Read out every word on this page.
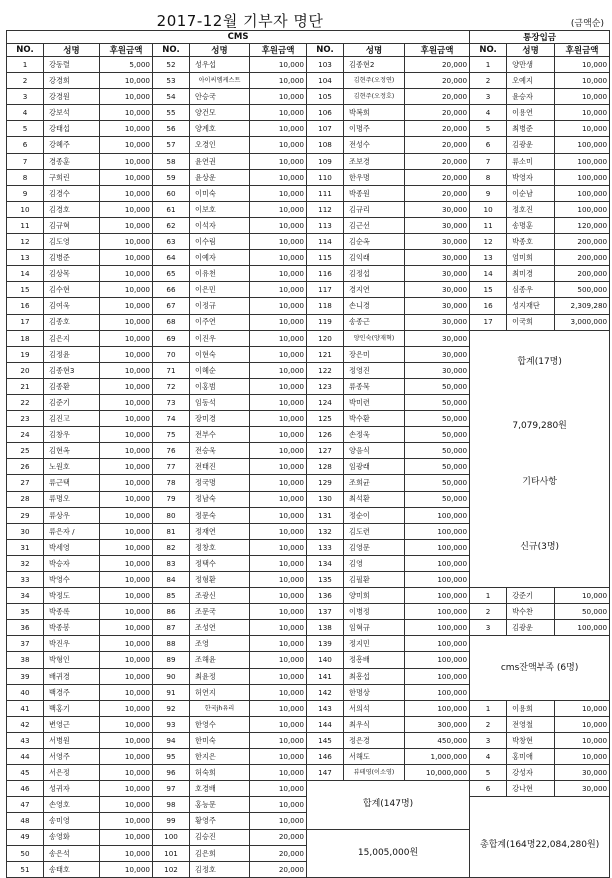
2017-12월 기부자 명단	(금액순)
CMS									통장입금		
NO.	성명	후원금액	NO.	성명	후원금액	NO.	성명	후원금액	NO.	성명	후원금액
1	강동렬	5,000	52	성우섭	10,000	103	김종현2	20,000	1	양만생	10,000
2	강경희	10,000	53	아이씨엠케스트	10,000	104	김현주(오정연)	20,000	2	오예지	10,000
3	강경원	10,000	54	안승국	10,000	105	김현주(오정호)	20,000	3	윤승자	10,000
4	강보석	10,000	55	양건모	10,000	106	박복희	20,000	4	이용연	10,000
5	강태섭	10,000	56	양계호	10,000	107	이명주	20,000	5	최병준	10,000
6	강혜주	10,000	57	오경인	10,000	108	전성수	20,000	6	김광운	100,000
7	경종훈	10,000	58	윤연권	10,000	109	조보경	20,000	7	류소미	100,000
8	구희린	10,000	59	윤상운	10,000	110	한우명	20,000	8	박영자	100,000
9	김경수	10,000	60	이미숙	10,000	111	박종원	20,000	9	이순남	100,000
10	김경호	10,000	61	이보호	10,000	112	김규리	30,000	10	정호진	100,000
11	김규혁	10,000	62	이석자	10,000	113	김근선	30,000	11	송명훈	120,000
12	김도영	10,000	63	이수림	10,000	114	김순옥	30,000	12	박종호	200,000
13	김병준	10,000	64	이예자	10,000	115	김익래	30,000	13	엄미희	200,000
14	김상목	10,000	65	이유천	10,000	116	김정섭	30,000	14	최미경	200,000
15	김수현	10,000	66	이은민	10,000	117	경지연	30,000	15	심종우	500,000
16	김여욱	10,000	67	이정규	10,000	118	손니경	30,000	16	성지재단	2,309,280
17	김종호	10,000	68	이주연	10,000	119	송종근	30,000	17	이국희	3,000,000
18	김은지	10,000	69	이진우	10,000	120	양인숙(양재혁)	30,000	합계(17명)		
19	김정윤	10,000	70	이현숙	10,000	121	장은미	30,000			
20	김종현3	10,000	71	이혜순	10,000	122	정영진	30,000			
21	김종환	10,000	72	이홍범	10,000	123	류종묵	50,000			
22	김준기	10,000	73	임동석	10,000	124	박미련	50,000	7,079,280원		
23	김진고	10,000	74	장미경	10,000	125	박수환	50,000			
24	김창우	10,000	75	전부수	10,000	126	손정욱	50,000			
25	김현옥	10,000	76	전승욱	10,000	127	양음식	50,000			
26	노원호	10,000	77	전태진	10,000	128	임광래	50,000	기타사항		
27	류근택	10,000	78	정국명	10,000	129	조희균	50,000			
28	류명오	10,000	79	정남숙	10,000	130	최석환	50,000			
29	류상우	10,000	80	정문숙	10,000	131	정순이	100,000	신규(3명)		
30	류은자 /	10,000	81	정재연	10,000	132	김도련	100,000			
31	박세영	10,000	82	정창호	10,000	133	김영문	100,000			
32	박승자	10,000	83	정택수	10,000	134	김영	100,000			
33	박영수	10,000	84	정형환	10,000	135	김필환	100,000			
34	박정도	10,000	85	조광신	10,000	136	양미희	100,000	1	강준기	10,000
35	박종록	10,000	86	조문국	10,000	137	이병정	100,000	2	박수찬	50,000
36	박종봉	10,000	87	조성연	10,000	138	임혁규	100,000	3	김광운	100,000
37	박진우	10,000	88	조영	10,000	139	정지민	100,000	cms잔액부족 (6명)		
38	박형인	10,000	89	조해윤	10,000	140	정흥배	100,000			
39	배귀경	10,000	90	최윤정	10,000	141	최흥섭	100,000			
40	백경주	10,000	91	허연지	10,000	142	한명상	100,000			
41	백홍기	10,000	92	한국jh유리	10,000	143	서의석	100,000	1	이용희	10,000
42	변영근	10,000	93	한영수	10,000	144	최우식	300,000	2	전영철	10,000
43	서병원	10,000	94	한미숙	10,000	145	정은경	450,000	3	박창현	10,000
44	서영주	10,000	95	한지은	10,000	146	서해도	1,000,000	4	홍미애	10,000
45	서은정	10,000	96	허숙희	10,000	147	뷰테영(이소영)	10,000,000	5	강성자	30,000
46	성귀자	10,000	97	호경배	10,000	합계(147명)			6	강나현	30,000
47	손영호	10,000	98	홍능문	10,000						
48	송미영	10,000	99	황영주	10,000						
49	송영화	10,000	100	김승진	20,000	15,005,000원			총합계(164명22,084,280원)		
50	송은석	10,000	101	김은희	20,000						
51	송태호	10,000	102	김정호	20,000						
